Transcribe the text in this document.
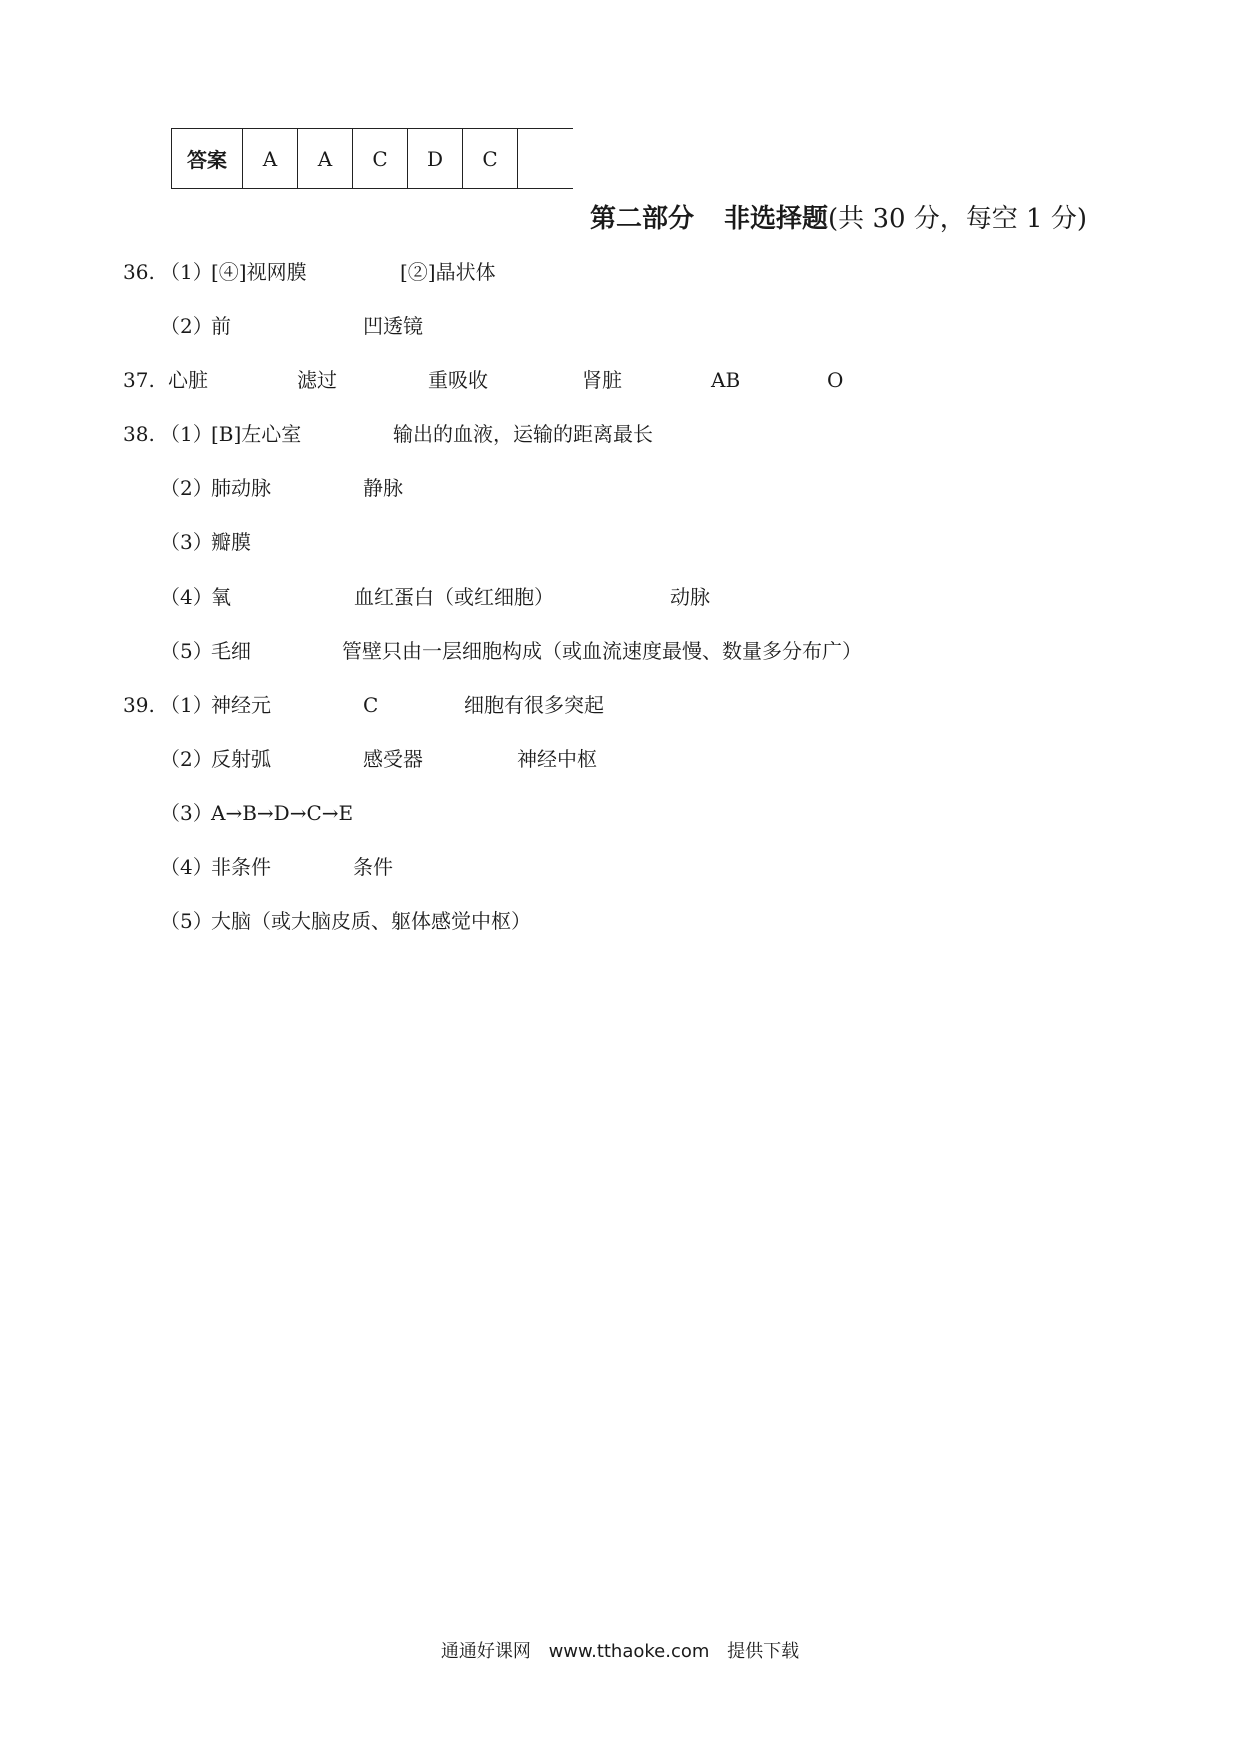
答案	A	A	C	D	C	
第二部分 非选择题(共 30 分，每空 1 分)
36. （1）
[④]视网膜	[②]晶状体
（2）
前	凹透镜
37. 心脏	滤过	重吸收	肾脏	AB	O
38. （1）
[B]左心室	输出的血液，运输的距离最长
（2）
肺动脉	静脉
（3）
瓣膜
（4）
氧	血红蛋白（或红细胞）	动脉
（5）
毛细	管壁只由一层细胞构成（或血流速度最慢、数量多分布广）
39. （1）
神经元	C	细胞有很多突起
（2）
反射弧	感受器	神经中枢
（3）
A→B→D→C→E
（4）
非条件	条件
（5）
大脑（或大脑皮质、躯体感觉中枢）
通通好课网 www.tthaoke.com 提供下载
